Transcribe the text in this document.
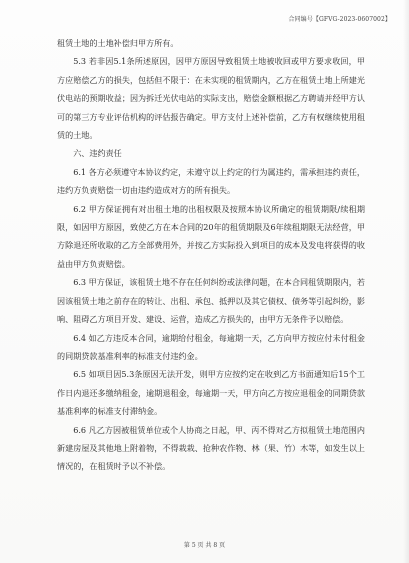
合同编号【GFVG-2023-0607002】

租赁土地的土地补偿归甲方所有。

5.3 若非因5.1条所述原因，因甲方原因导致租赁土地被收回或甲方要求收回，甲方应赔偿乙方的损失，包括但不限于：在未实现的租赁期内，乙方在租赁土地上所建光伏电站的预期收益；因为拆迁光伏电站的实际支出，赔偿金额根据乙方聘请并经甲方认可的第三方专业评估机构的评估报告确定。甲方支付上述补偿前，乙方有权继续使用租赁的土地。

六、违约责任

6.1 各方必须遵守本协议约定，未遵守以上约定的行为属违约，需承担违约责任，违约方负责赔偿一切由违约造成对方的所有损失。

6.2 甲方保证拥有对出租土地的出租权限及按照本协议所确定的租赁期限/续租期限，如因甲方原因，致使乙方在本合同的20年的租赁期限及6年续租期限无法经营，甲方除退还所收取的乙方全部费用外，并按乙方实际投入到项目的成本及发电将获得的收益由甲方负责赔偿。

6.3 甲方保证，该租赁土地不存在任何纠纷或法律问题，在本合同租赁期限内，若因该租赁土地之前存在的转让、出租、承包、抵押以及其它债权、债务等引起纠纷，影响、阻碍乙方项目开发、建设、运营，造成乙方损失的，由甲方无条件予以赔偿。

6.4 如乙方违反本合同，逾期给付租金，每逾期一天，乙方向甲方按应付未付租金的同期贷款基准利率的标准支付违约金。

6.5 如项目因5.3条原因无法开发，则甲方应按约定在收到乙方书面通知后15个工作日内退还多缴纳租金，逾期退租金，每逾期一天，甲方向乙方按应退租金的同期贷款基准利率的标准支付滞纳金。

6.6 凡乙方因被租赁单位或个人协商之日起，甲、丙不得对乙方拟租赁土地范围内新建房屋及其他地上附着物，不得栽栽、抢种农作物、林（果、竹）木等，如发生以上情况的，在租赁时予以不补偿。

第 5 页 共 8 页
